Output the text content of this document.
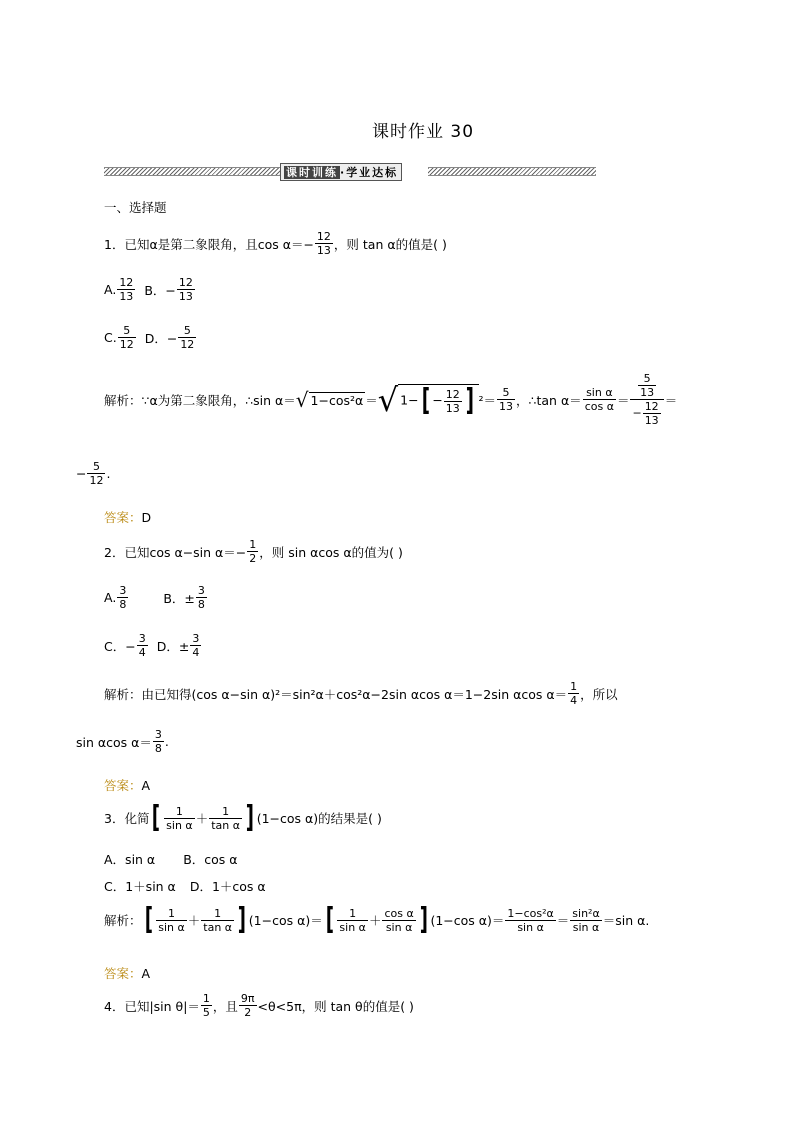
课时作业 30
课时训练 ·学业达标
一、选择题
1．已知α是第二象限角，且$\cos \alpha=- \frac{12}{13}$ ，则 tan α的值是( )
A. $\frac{12}{13}$ B．− $\frac{12}{13}$
C. $\frac{5}{12}$ D．− $\frac{5}{12}$
解析：∵α为第二象限角，∴sin α＝ √ 1−cos²α ＝ √ $1-[ - \frac{12}{13}$ ] $^2= \frac{5}{13}$ ，∴tan $\alpha= \frac{\text{sin α}}{\text{cos α}} = \frac{\frac{5}{13}}{- \frac{12}{13}}$ ＝
− $\frac{5}{12}$ .
答案：D
2．已知cos α−sin $\alpha=- \frac{1}{2}$ ，则 sin αcos α的值为( )
A. $\frac{3}{8}$	B．± $\frac{3}{8}$
C．− $\frac{3}{4}$ D．± $\frac{3}{4}$
解析：由已知得(cos α−sin α)²＝sin²α＋cos²α−2sin αcos α＝1−2sin αcos $\alpha= \frac{1}{4}$ ，所以
sin αcos $\alpha= \frac{3}{8}$ .
答案：A
3．化简 [ $\frac{1}{\text{sin α}} + \frac{1}{\text{tan α}}$ ] (1−cos α)的结果是( )
A．sin α B．cos α
C．1＋sin α D．1＋cos α
解析： [ $\frac{1}{\text{sin α}} + \frac{1}{\text{tan α}}$ ] (1−cos α)＝ [ $\frac{1}{\text{sin α}} + \frac{\text{cos α}}{\text{sin α}}$ ] (1−cos $\alpha)= \frac{\text{1−cos²α}}{\text{sin α}} = \frac{\text{sin²α}}{\text{sin α}} =\sin$ α.
答案：A
4．已知|sin $\theta|= \frac{1}{5}$ ，且 $\frac{9\pi}{2} <\theta<5\pi$，则 tan θ的值是( )
